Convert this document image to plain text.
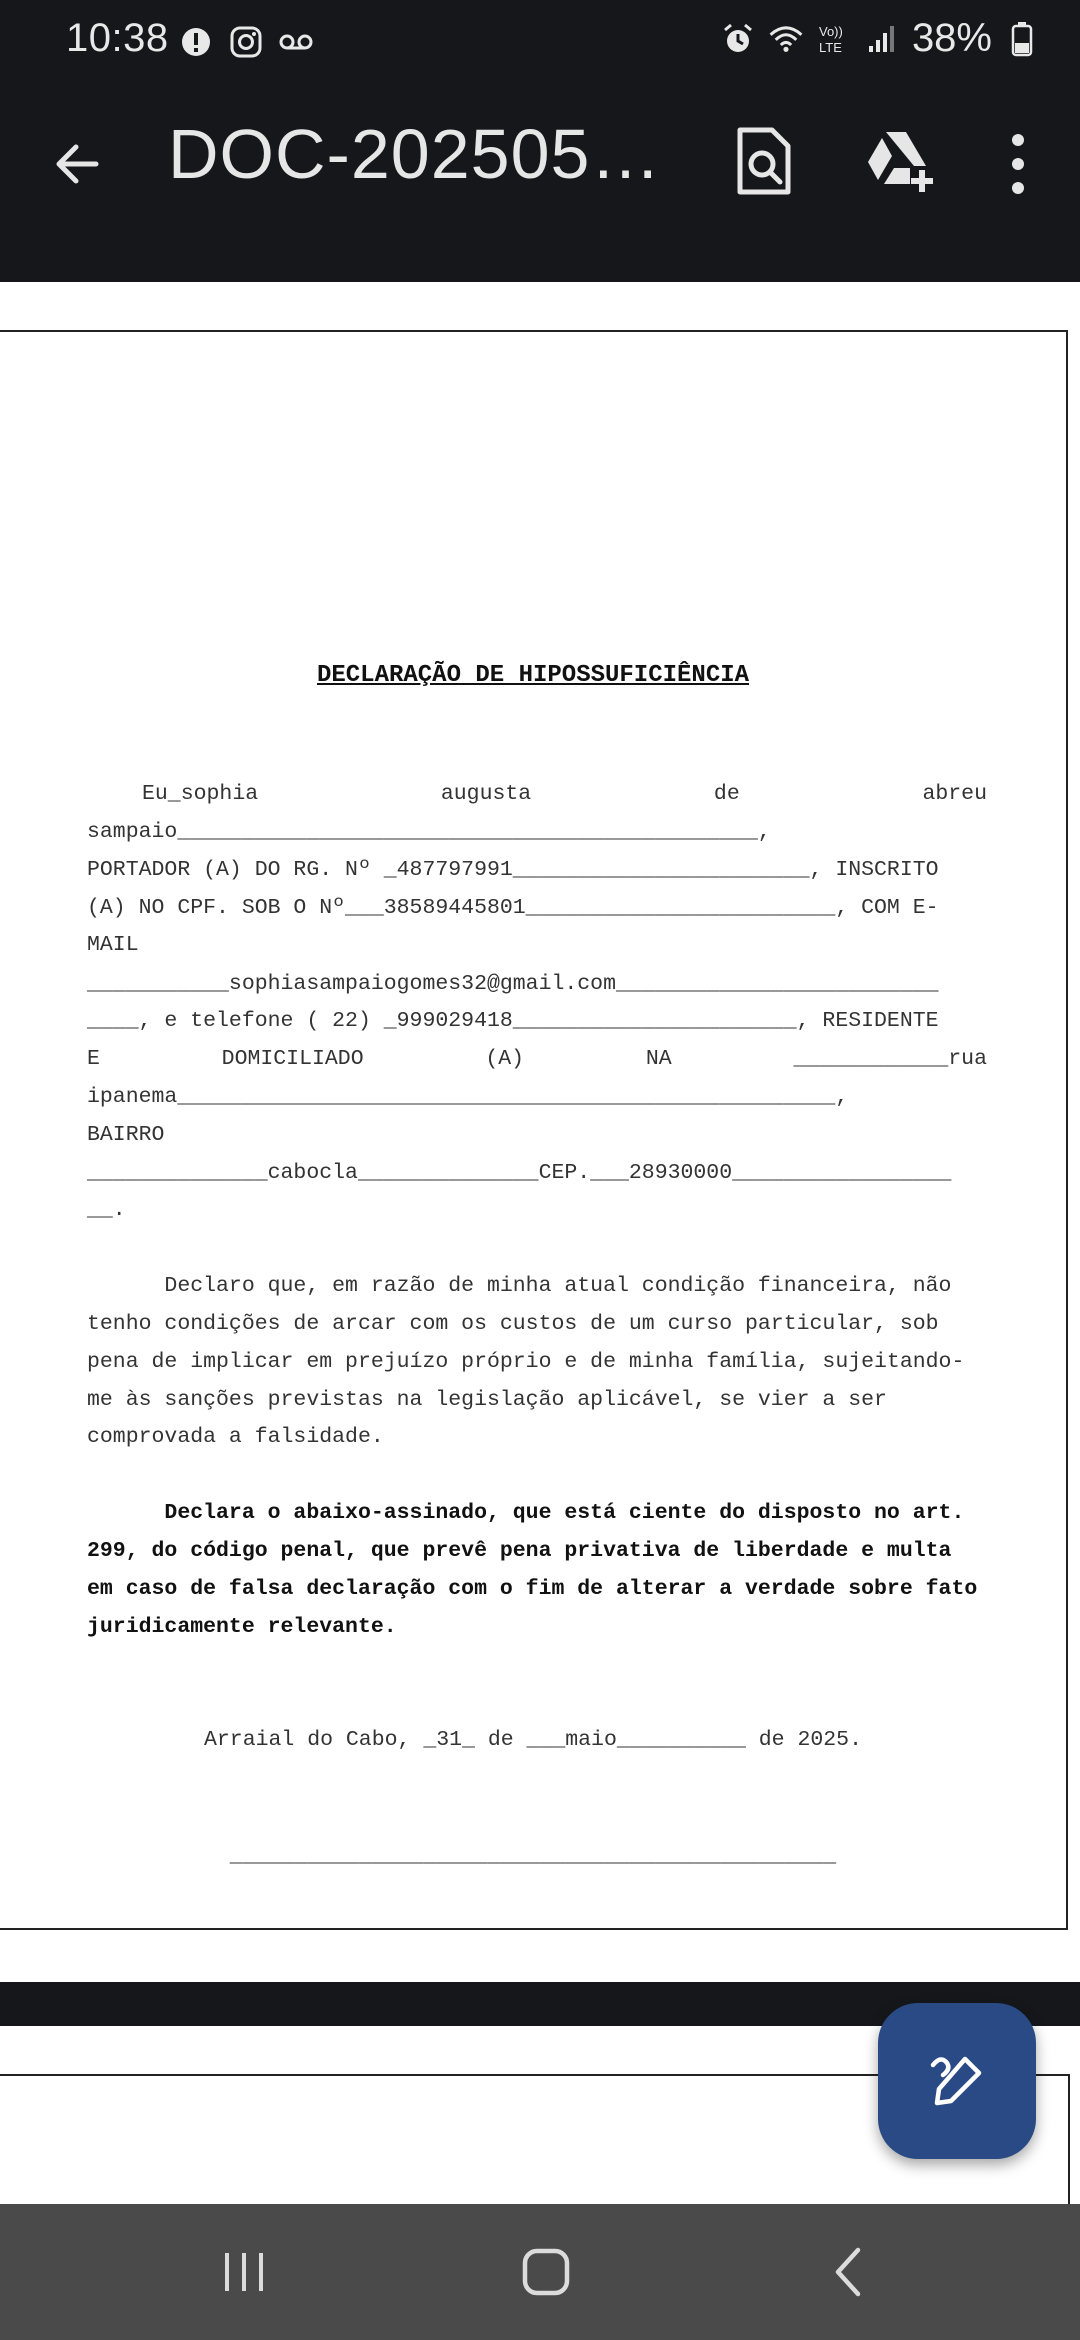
10:38	Vo))
LTE 38%
DOC-202505…
DECLARAÇÃO DE HIPOSSUFICIÊNCIA
Eu_sophia	augusta	de	abreu
sampaio_____________________________________________,
PORTADOR (A) DO RG. Nº _487797991_______________________, INSCRITO
(A) NO CPF. SOB O Nº___38589445801________________________, COM E-
MAIL
___________sophiasampaiogomes32@gmail.com_________________________
____, e telefone ( 22) _999029418______________________, RESIDENTE
E	DOMICILIADO	(A)	NA	____________rua
ipanema___________________________________________________,
BAIRRO
______________cabocla______________CEP.___28930000_________________
__.
Declaro que, em razão de minha atual condição financeira, não
tenho condições de arcar com os custos de um curso particular, sob
pena de implicar em prejuízo próprio e de minha família, sujeitando-
me às sanções previstas na legislação aplicável, se vier a ser
comprovada a falsidade.
Declara o abaixo-assinado, que está ciente do disposto no art.
299, do código penal, que prevê pena privativa de liberdade e multa
em caso de falsa declaração com o fim de alterar a verdade sobre fato
juridicamente relevante.
Arraial do Cabo, _31_ de ___maio__________ de 2025.
_______________________________________________
